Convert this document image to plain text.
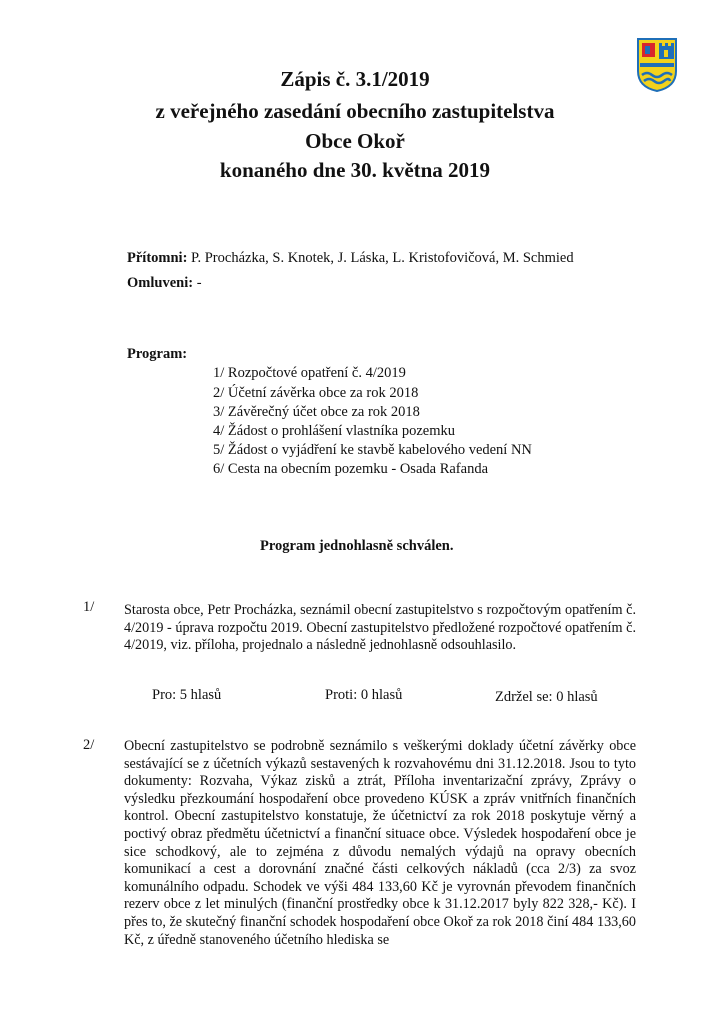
Zápis č. 3.1/2019
z veřejného zasedání obecního zastupitelstva
Obce Okoř
konaného dne 30. května 2019
Přítomni: P. Procházka, S. Knotek, J. Láska, L. Kristofovičová, M. Schmied
Omluveni: -
Program:
1/ Rozpočtové opatření č. 4/2019
2/ Účetní závěrka obce za rok 2018
3/ Závěrečný účet obce za rok 2018
4/ Žádost o prohlášení vlastníka pozemku
5/ Žádost o vyjádření ke stavbě kabelového vedení NN
6/ Cesta na obecním pozemku - Osada Rafanda
Program jednohlasně schválen.
1/ Starosta obce, Petr Procházka, seznámil obecní zastupitelstvo s rozpočtovým opatřením č. 4/2019 - úprava rozpočtu 2019. Obecní zastupitelstvo předložené rozpočtové opatřením č. 4/2019, viz. příloha, projednalo a následně jednohlasně odsouhlasilo.

Pro: 5 hlasů	Proti: 0 hlasů	Zdržel se: 0 hlasů
2/ Obecní zastupitelstvo se podrobně seznámilo s veškerými doklady účetní závěrky obce sestávající se z účetních výkazů sestavených k rozvahovému dni 31.12.2018. Jsou to tyto dokumenty: Rozvaha, Výkaz zisků a ztrát, Příloha inventarizační zprávy, Zprávy o výsledku přezkoumání hospodaření obce provedeno KÚSK a zpráv vnitřních finančních kontrol. Obecní zastupitelstvo konstatuje, že účetnictví za rok 2018 poskytuje věrný a poctivý obraz předmětu účetnictví a finanční situace obce. Výsledek hospodaření obce je sice schodkový, ale to zejména z důvodu nemalých výdajů na opravy obecních komunikací a cest a dorovnání značné části celkových nákladů (cca 2/3) za svoz komunálního odpadu. Schodek ve výši 484 133,60 Kč je vyrovnán převodem finančních rezerv obce z let minulých (finanční prostředky obce k 31.12.2017 byly 822 328,- Kč). I přes to, že skutečný finanční schodek hospodaření obce Okoř za rok 2018 činí 484 133,60 Kč, z úředně stanoveného účetního hlediska se
